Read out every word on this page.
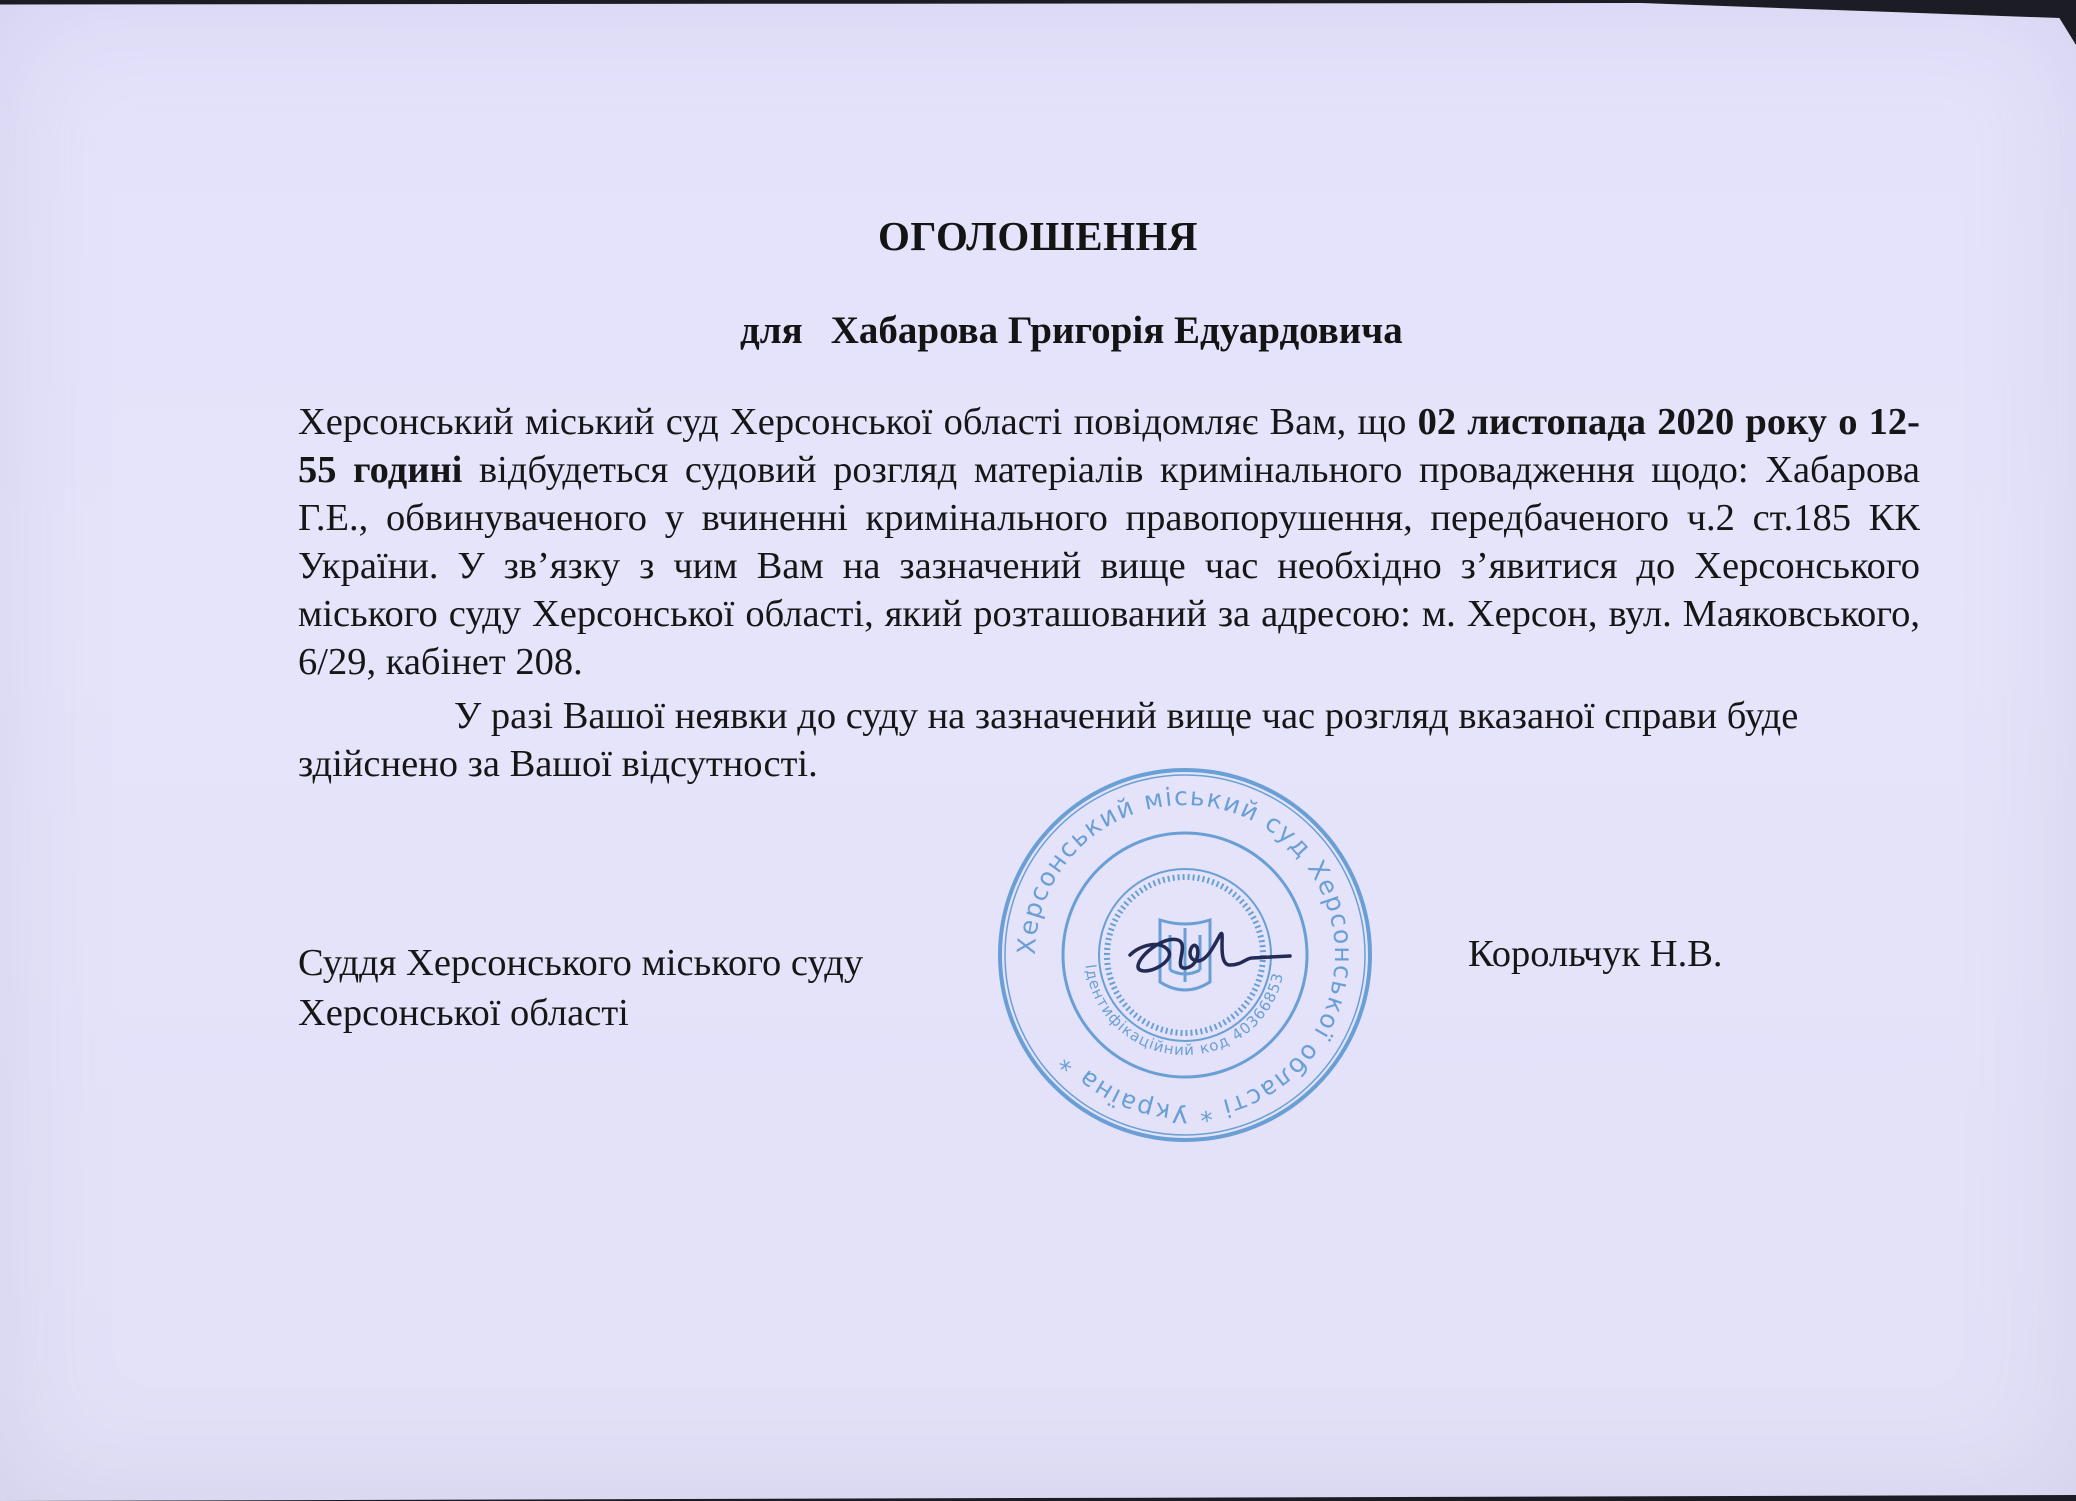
ОГОЛОШЕННЯ
для Хабарова Григорія Едуардовича
Херсонський міський суд Херсонської області повідомляє Вам, що 02 листопада 2020 року о 12-55 годині відбудеться судовий розгляд матеріалів кримінального провадження щодо: Хабарова Г.Е., обвинуваченого у вчиненні кримінального правопорушення, передбаченого ч.2 ст.185 КК України. У зв’язку з чим Вам на зазначений вище час необхідно з’явитися до Херсонського міського суду Херсонської області, який розташований за адресою: м. Херсон, вул. Маяковського, 6/29, кабінет 208.
У разі Вашої неявки до суду на зазначений вище час розгляд вказаної справи буде здійснено за Вашої відсутності.
Суддя Херсонського міського суду
Херсонської області
Корольчук Н.В.
Херсонський міський суд Херсонської області * Україна *
Ідентифікаційний код 40366853
